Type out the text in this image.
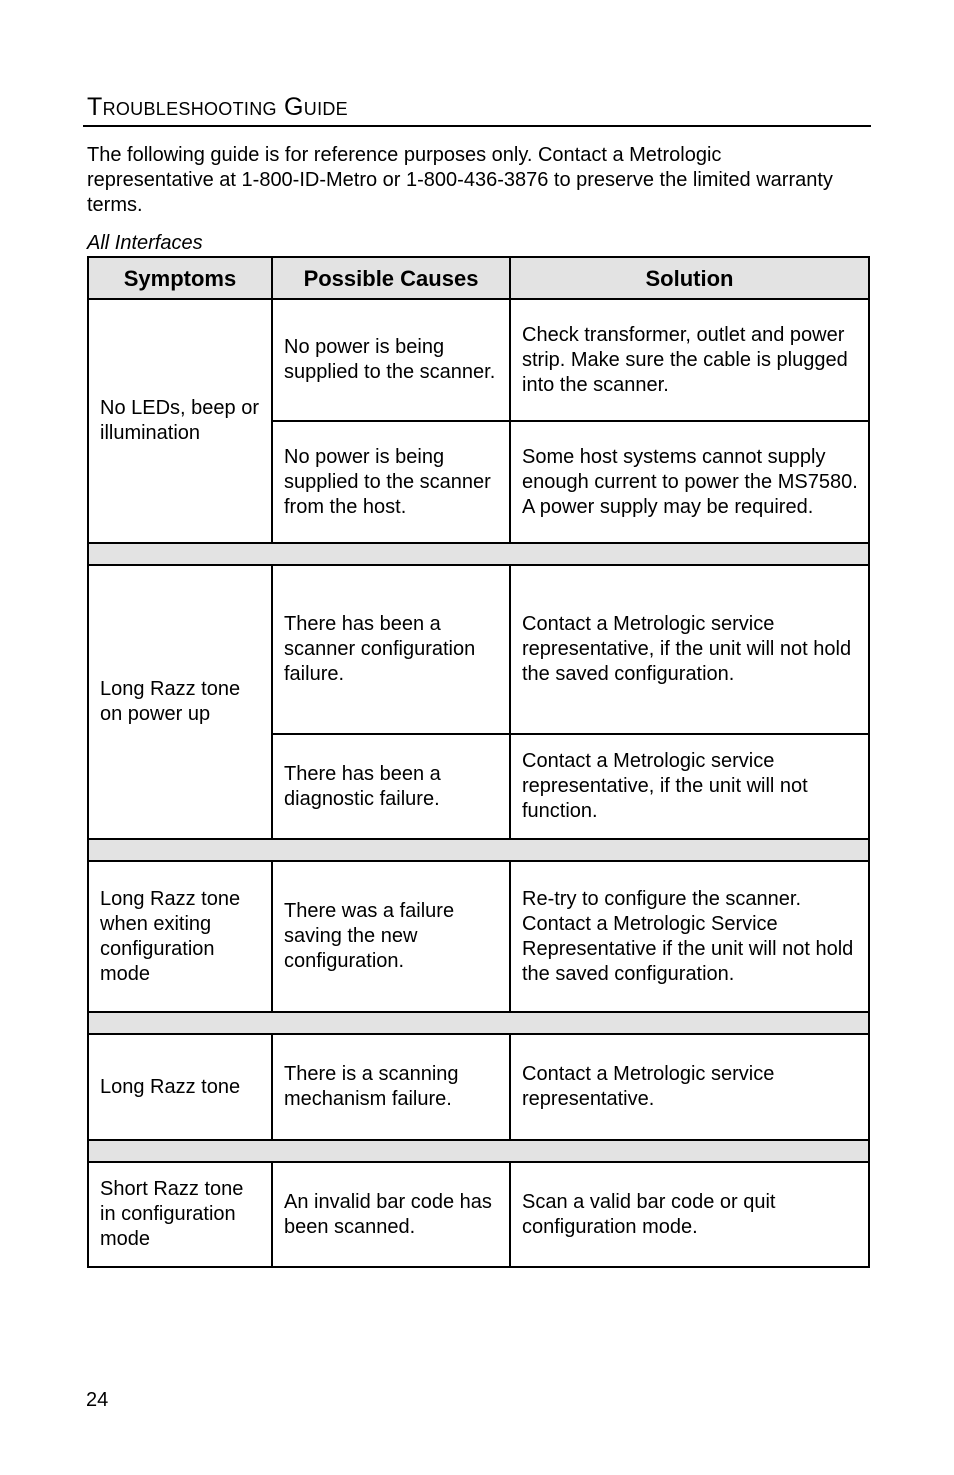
Troubleshooting Guide

The following guide is for reference purposes only. Contact a Metrologic representative at 1-800-ID-Metro or 1-800-436-3876 to preserve the limited warranty terms.

All Interfaces

Symptoms	Possible Causes	Solution
No LEDs, beep or illumination	No power is being supplied to the scanner.	Check transformer, outlet and power strip. Make sure the cable is plugged into the scanner.
	No power is being supplied to the scanner from the host.	Some host systems cannot supply enough current to power the MS7580. A power supply may be required.

Long Razz tone on power up	There has been a scanner configuration failure.	Contact a Metrologic service representative, if the unit will not hold the saved configuration.
	There has been a diagnostic failure.	Contact a Metrologic service representative, if the unit will not function.

Long Razz tone when exiting configuration mode	There was a failure saving the new configuration.	Re-try to configure the scanner. Contact a Metrologic Service Representative if the unit will not hold the saved configuration.

Long Razz tone	There is a scanning mechanism failure.	Contact a Metrologic service representative.

Short Razz tone in configuration mode	An invalid bar code has been scanned.	Scan a valid bar code or quit configuration mode.

24
